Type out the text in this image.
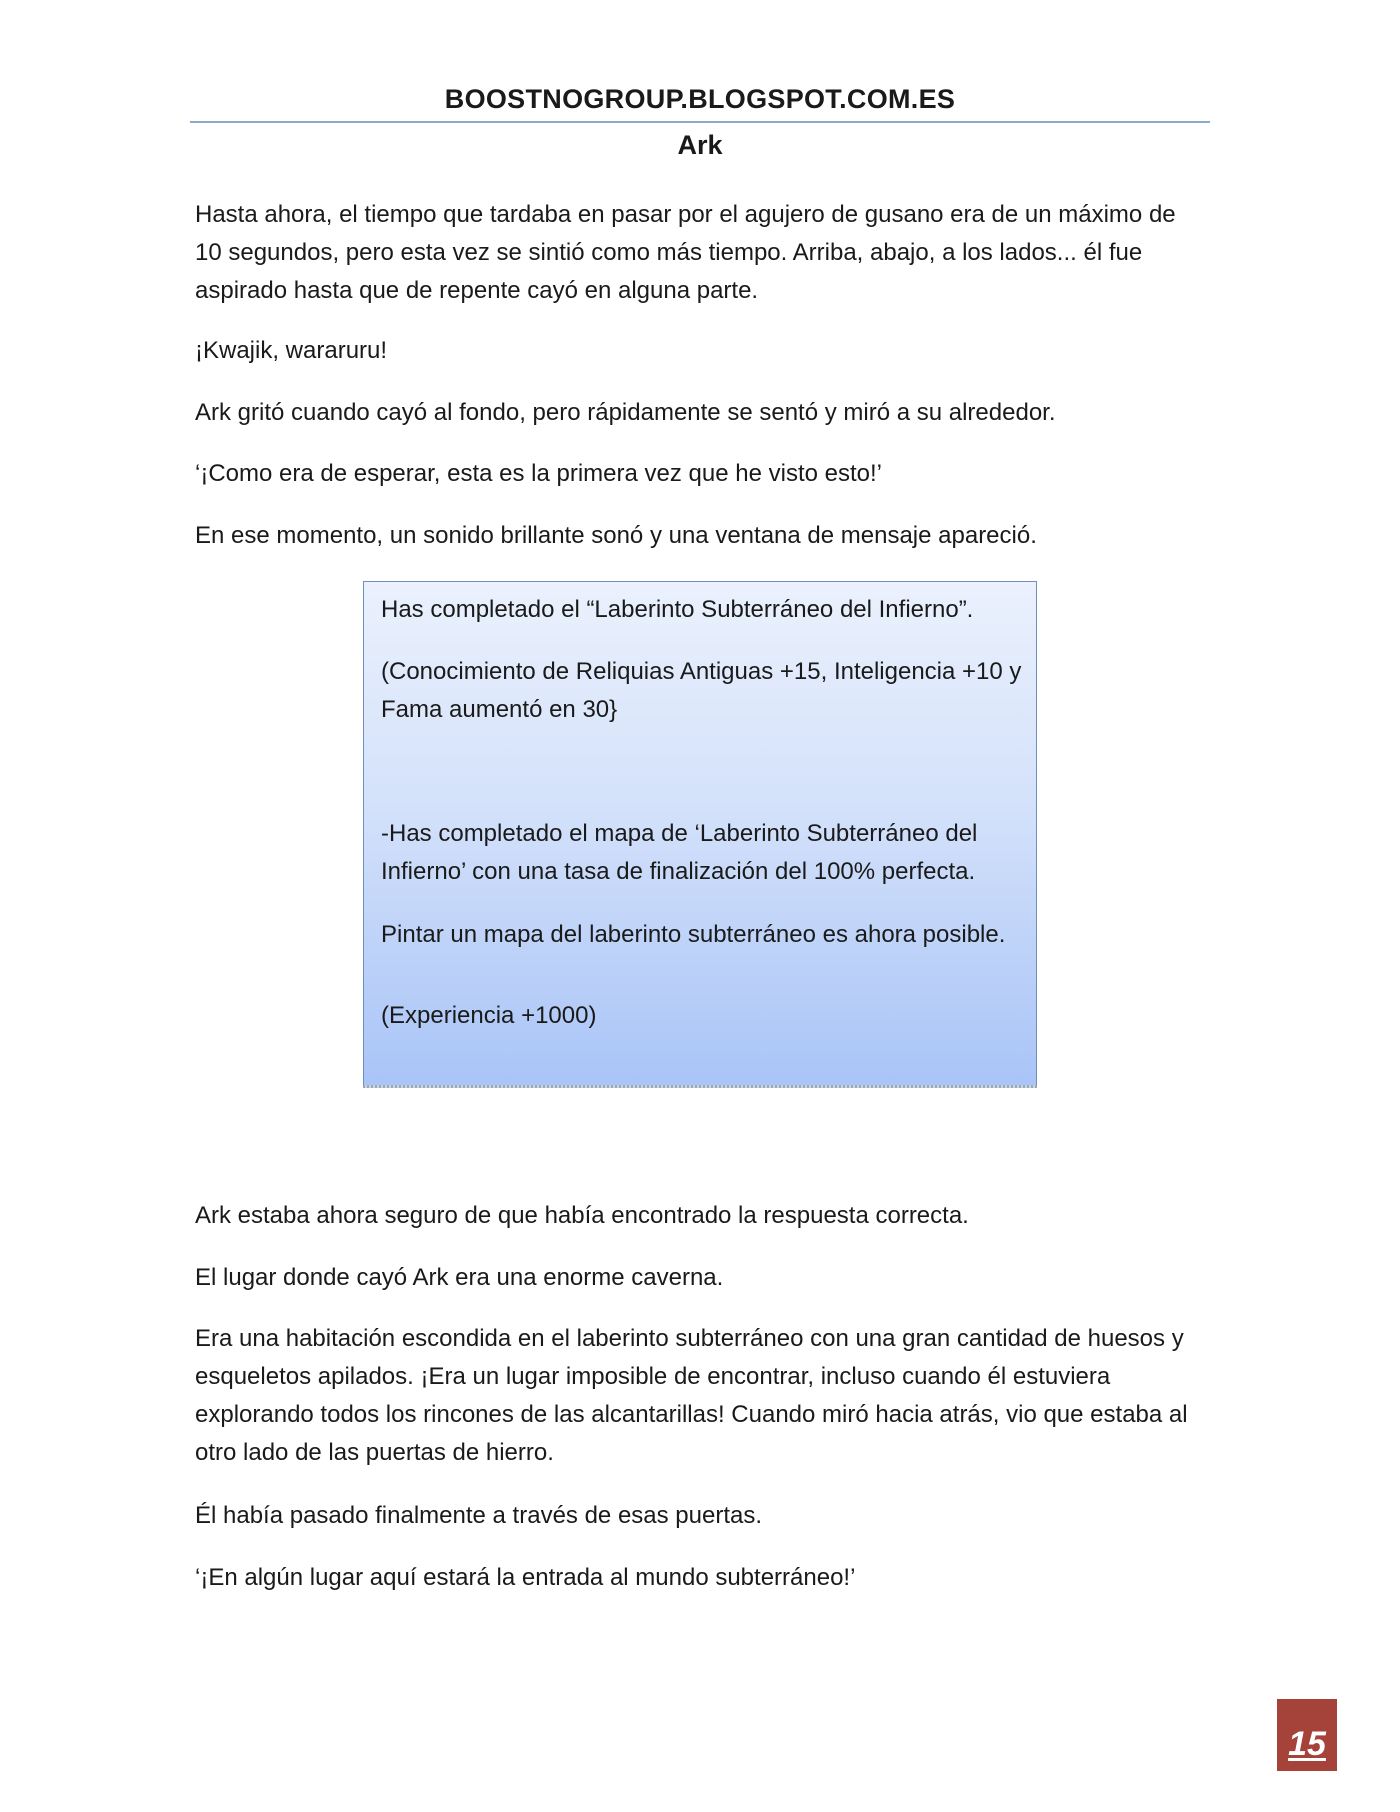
BOOSTNOGROUP.BLOGSPOT.COM.ES
Ark

Hasta ahora, el tiempo que tardaba en pasar por el agujero de gusano era de un máximo de 10 segundos, pero esta vez se sintió como más tiempo. Arriba, abajo, a los lados... él fue aspirado hasta que de repente cayó en alguna parte.

¡Kwajik, wararuru!

Ark gritó cuando cayó al fondo, pero rápidamente se sentó y miró a su alrededor.

‘¡Como era de esperar, esta es la primera vez que he visto esto!’

En ese momento, un sonido brillante sonó y una ventana de mensaje apareció.

Has completado el “Laberinto Subterráneo del Infierno”.

(Conocimiento de Reliquias Antiguas +15, Inteligencia +10 y Fama aumentó en 30}

-Has completado el mapa de ‘Laberinto Subterráneo del Infierno’ con una tasa de finalización del 100% perfecta.

Pintar un mapa del laberinto subterráneo es ahora posible.

(Experiencia +1000)

Ark estaba ahora seguro de que había encontrado la respuesta correcta.

El lugar donde cayó Ark era una enorme caverna.

Era una habitación escondida en el laberinto subterráneo con una gran cantidad de huesos y esqueletos apilados. ¡Era un lugar imposible de encontrar, incluso cuando él estuviera explorando todos los rincones de las alcantarillas! Cuando miró hacia atrás, vio que estaba al otro lado de las puertas de hierro.

Él había pasado finalmente a través de esas puertas.

‘¡En algún lugar aquí estará la entrada al mundo subterráneo!’

15
